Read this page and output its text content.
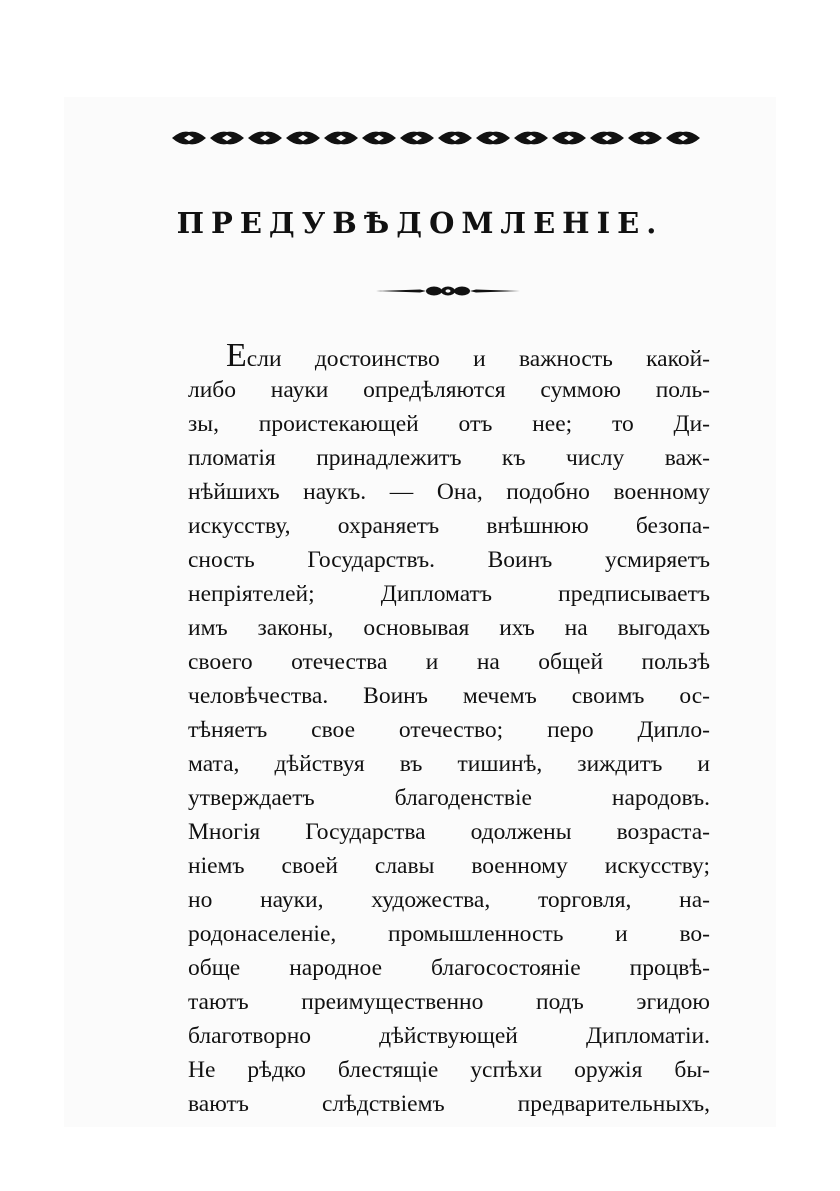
ПРЕДУВѢДОМЛЕНІЕ.
Если достоинство и важность какой-
либо науки опредѣляются суммою поль-
зы, проистекающей отъ нее; то Ди-
пломатія принадлежитъ къ числу важ-
нѣйшихъ наукъ. — Она, подобно военному
искусству, охраняетъ внѣшнюю безопа-
сность Государствъ. Воинъ усмиряетъ
непріятелей; Дипломатъ предписываетъ
имъ законы, основывая ихъ на выгодахъ
своего отечества и на общей пользѣ
человѣчества. Воинъ мечемъ своимъ ос-
тѣняетъ свое отечество; перо Дипло-
мата, дѣйствуя въ тишинѣ, зиждитъ и
утверждаетъ благоденствіе народовъ.
Многія Государства одолжены возраста-
ніемъ своей славы военному искусству;
но науки, художества, торговля, на-
родонаселеніе, промышленность и во-
обще народное благосостояніе процвѣ-
таютъ преимущественно подъ эгидою
благотворно дѣйствующей Дипломатіи.
Не рѣдко блестящіе успѣхи оружія бы-
ваютъ слѣдствіемъ предварительныхъ,
